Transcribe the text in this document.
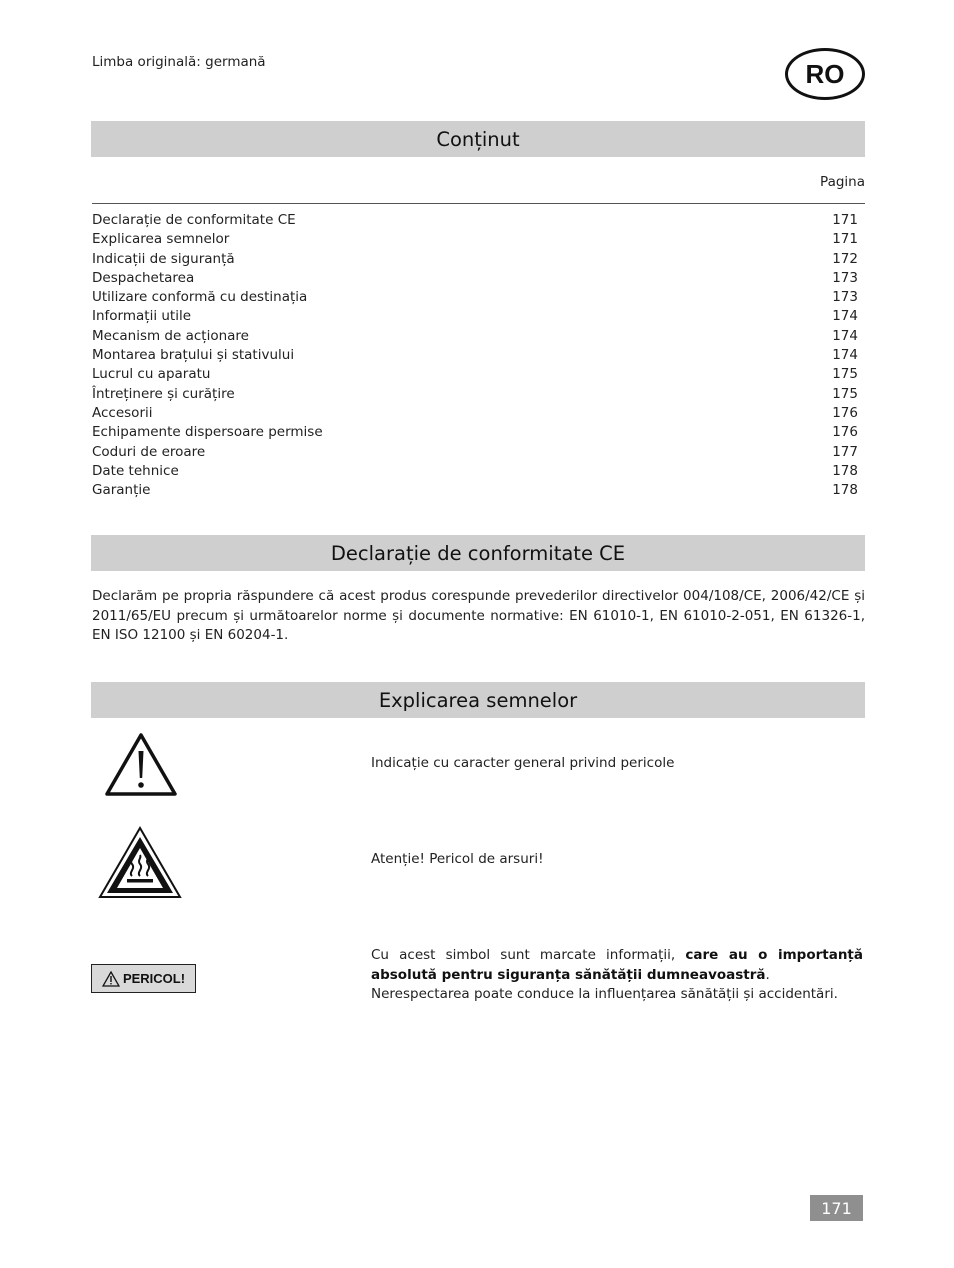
Limba originală: germană	RO
Conținut
Pagina
Declarație de conformitate CE	171
Explicarea semnelor	171
Indicații de siguranță	172
Despachetarea	173
Utilizare conformă cu destinația	173
Informații utile	174
Mecanism de acționare	174
Montarea brațului și stativului	174
Lucrul cu aparatu	175
Întreținere și curățire	175
Accesorii	176
Echipamente dispersoare permise	176
Coduri de eroare	177
Date tehnice	178
Garanție	178
Declarație de conformitate CE
Declarăm pe propria răspundere că acest produs corespunde prevederilor directivelor 004/108/CE, 2006/42/CE și 2011/65/EU precum și următoarelor norme și documente normative: EN 61010-1, EN 61010-2-051, EN 61326-1, EN ISO 12100 și EN 60204-1.
Explicarea semnelor
Indicație cu caracter general privind pericole
Atenție! Pericol de arsuri!
PERICOL!
Cu acest simbol sunt marcate informații, care au o importanță absolută pentru siguranța sănătății dumneavoastră.
Nerespectarea poate conduce la influențarea sănătății și accidentări.
171
